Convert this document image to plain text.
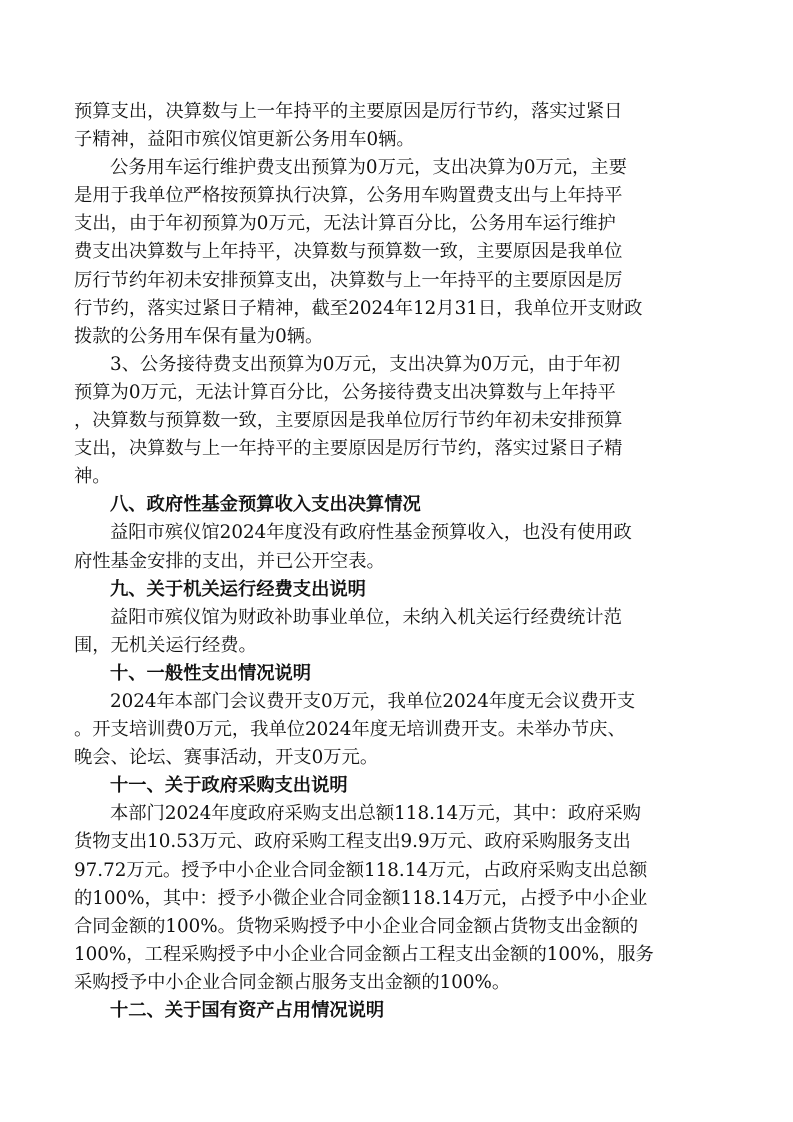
预算支出，决算数与上一年持平的主要原因是厉行节约，落实过紧日
子精神，益阳市殡仪馆更新公务用车0辆。
公务用车运行维护费支出预算为0万元，支出决算为0万元，主要
是用于我单位严格按预算执行决算，公务用车购置费支出与上年持平
支出，由于年初预算为0万元，无法计算百分比，公务用车运行维护
费支出决算数与上年持平，决算数与预算数一致，主要原因是我单位
厉行节约年初未安排预算支出，决算数与上一年持平的主要原因是厉
行节约，落实过紧日子精神，截至2024年12月31日，我单位开支财政
拨款的公务用车保有量为0辆。
3、公务接待费支出预算为0万元，支出决算为0万元，由于年初
预算为0万元，无法计算百分比，公务接待费支出决算数与上年持平
，决算数与预算数一致，主要原因是我单位厉行节约年初未安排预算
支出，决算数与上一年持平的主要原因是厉行节约，落实过紧日子精
神。
八、政府性基金预算收入支出决算情况
益阳市殡仪馆2024年度没有政府性基金预算收入，也没有使用政
府性基金安排的支出，并已公开空表。
九、关于机关运行经费支出说明
益阳市殡仪馆为财政补助事业单位，未纳入机关运行经费统计范
围，无机关运行经费。
十、一般性支出情况说明
2024年本部门会议费开支0万元，我单位2024年度无会议费开支
。开支培训费0万元，我单位2024年度无培训费开支。未举办节庆、
晚会、论坛、赛事活动，开支0万元。
十一、关于政府采购支出说明
本部门2024年度政府采购支出总额118.14万元，其中：政府采购
货物支出10.53万元、政府采购工程支出9.9万元、政府采购服务支出
97.72万元。授予中小企业合同金额118.14万元，占政府采购支出总额
的100%，其中：授予小微企业合同金额118.14万元，占授予中小企业
合同金额的100%。货物采购授予中小企业合同金额占货物支出金额的
100%，工程采购授予中小企业合同金额占工程支出金额的100%，服务
采购授予中小企业合同金额占服务支出金额的100%。
十二、关于国有资产占用情况说明
